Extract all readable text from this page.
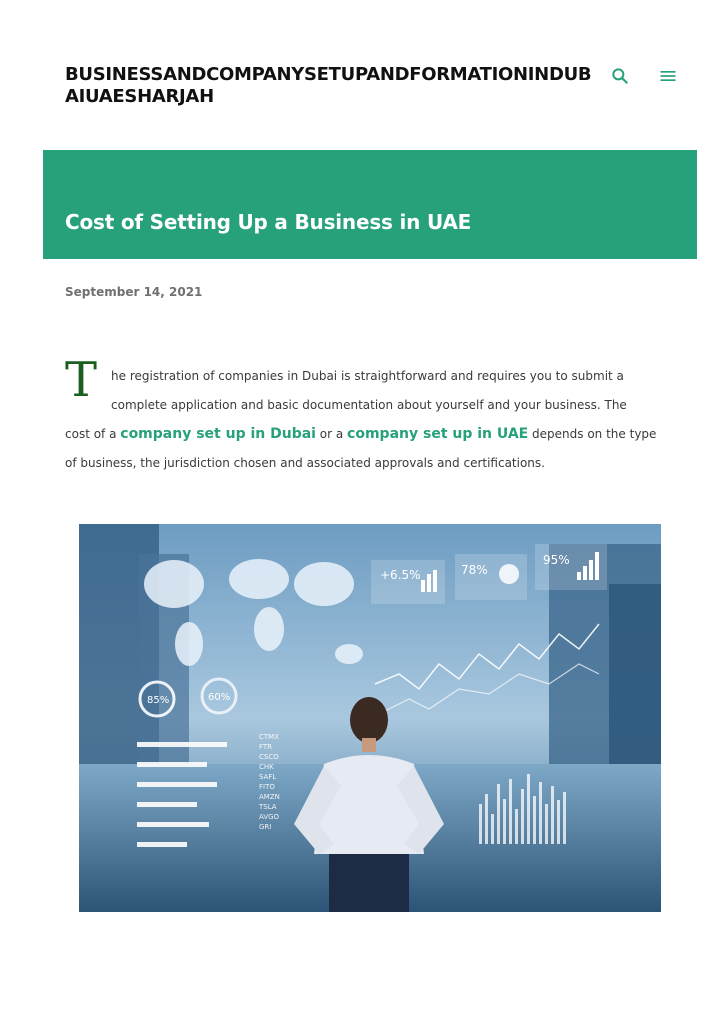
BUSINESSANDCOMPANYSETUPANDFORMATIONINDUBAIUAESHARJAH
Cost of Setting Up a Business in UAE
September 14, 2021
T	he registration of companies in Dubai is straightforward and requires you to submit a
complete application and basic documentation about yourself and your business. The
cost of a company set up in Dubai or a company set up in UAE depends on the type
of business, the jurisdiction chosen and associated approvals and certifications.
+6.5%	78%
95%
85%	60%
CTMX
FTR
CSCO
CHK
SAFL
FITO
AMZN
TSLA
AVGO
GRI
